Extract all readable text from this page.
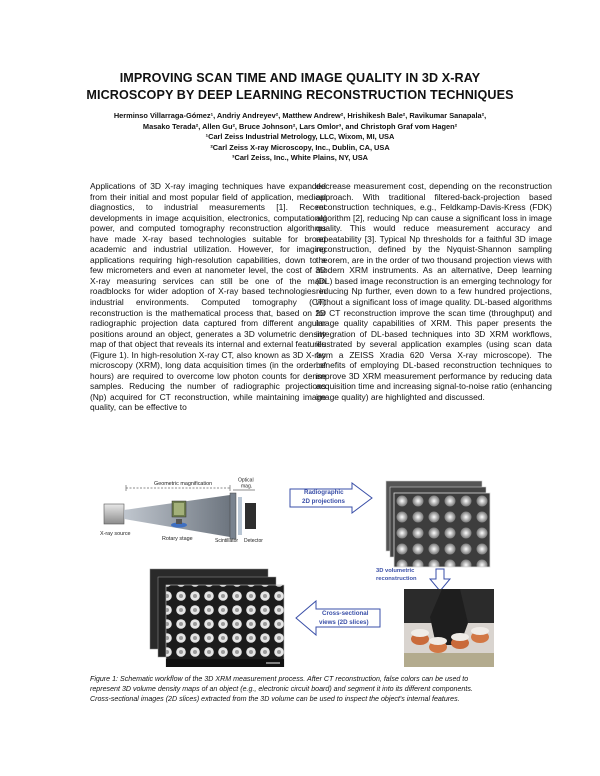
IMPROVING SCAN TIME AND IMAGE QUALITY IN 3D X-RAY
MICROSCOPY BY DEEP LEARNING RECONSTRUCTION TECHNIQUES
Herminso Villarraga-Gómez¹, Andriy Andreyev², Matthew Andrew², Hrishikesh Bale², Ravikumar Sanapala²,
Masako Terada², Allen Gu², Bruce Johnson², Lars Omlor³, and Christoph Graf vom Hagen²
¹Carl Zeiss Industrial Metrology, LLC, Wixom, MI, USA
²Carl Zeiss X-ray Microscopy, Inc., Dublin, CA, USA
³Carl Zeiss, Inc., White Plains, NY, USA
Applications of 3D X-ray imaging techniques have expanded from their initial and most popular field of application, medical diagnostics, to industrial measurements [1]. Recent developments in image acquisition, electronics, computational power, and computed tomography reconstruction algorithms have made X-ray based technologies suitable for broad academic and industrial utilization. However, for imaging applications requiring high-resolution capabilities, down to a few micrometers and even at nanometer level, the cost of 3D X-ray measuring services can still be one of the main roadblocks for wider adoption of X-ray based technologies in industrial environments. Computed tomography (CT) reconstruction is the mathematical process that, based on 2D radiographic projection data captured from different angular positions around an object, generates a 3D volumetric density map of that object that reveals its internal and external features (Figure 1). In high-resolution X-ray CT, also known as 3D X-ray microscopy (XRM), long data acquisition times (in the order of hours) are required to overcome low photon counts for dense samples. Reducing the number of radiographic projections (Np) acquired for CT reconstruction, while maintaining image quality, can be effective to
decrease measurement cost, depending on the reconstruction approach. With traditional filtered-back-projection based reconstruction techniques, e.g., Feldkamp-Davis-Kress (FDK) algorithm [2], reducing Np can cause a significant loss in image quality. This would reduce measurement accuracy and repeatability [3]. Typical Np thresholds for a faithful 3D image reconstruction, defined by the Nyquist-Shannon sampling theorem, are in the order of two thousand projection views with modern XRM instruments. As an alternative, Deep learning (DL) based image reconstruction is an emerging technology for reducing Np further, even down to a few hundred projections, without a significant loss of image quality. DL-based algorithms for CT reconstruction improve the scan time (throughput) and image quality capabilities of XRM. This paper presents the integration of DL-based techniques into 3D XRM workflows, illustrated by several application examples (using scan data from a ZEISS Xradia 620 Versa X-ray microscope). The benefits of employing DL-based reconstruction techniques to improve 3D XRM measurement performance by reducing data acquisition time and increasing signal-to-noise ratio (enhancing image quality) are highlighted and discussed.
Geometric magnification
Optical
mag.
X-ray source
Rotary stage	Scintillator Detector
Radiographic
2D projections
3D volumetric
reconstruction
Cross-sectional
views (2D slices)
Figure 1: Schematic workflow of the 3D XRM measurement process. After CT reconstruction, false colors can be used to
represent 3D volume density maps of an object (e.g., electronic circuit board) and segment it into its different components.
Cross-sectional images (2D slices) extracted from the 3D volume can be used to inspect the object's internal features.
